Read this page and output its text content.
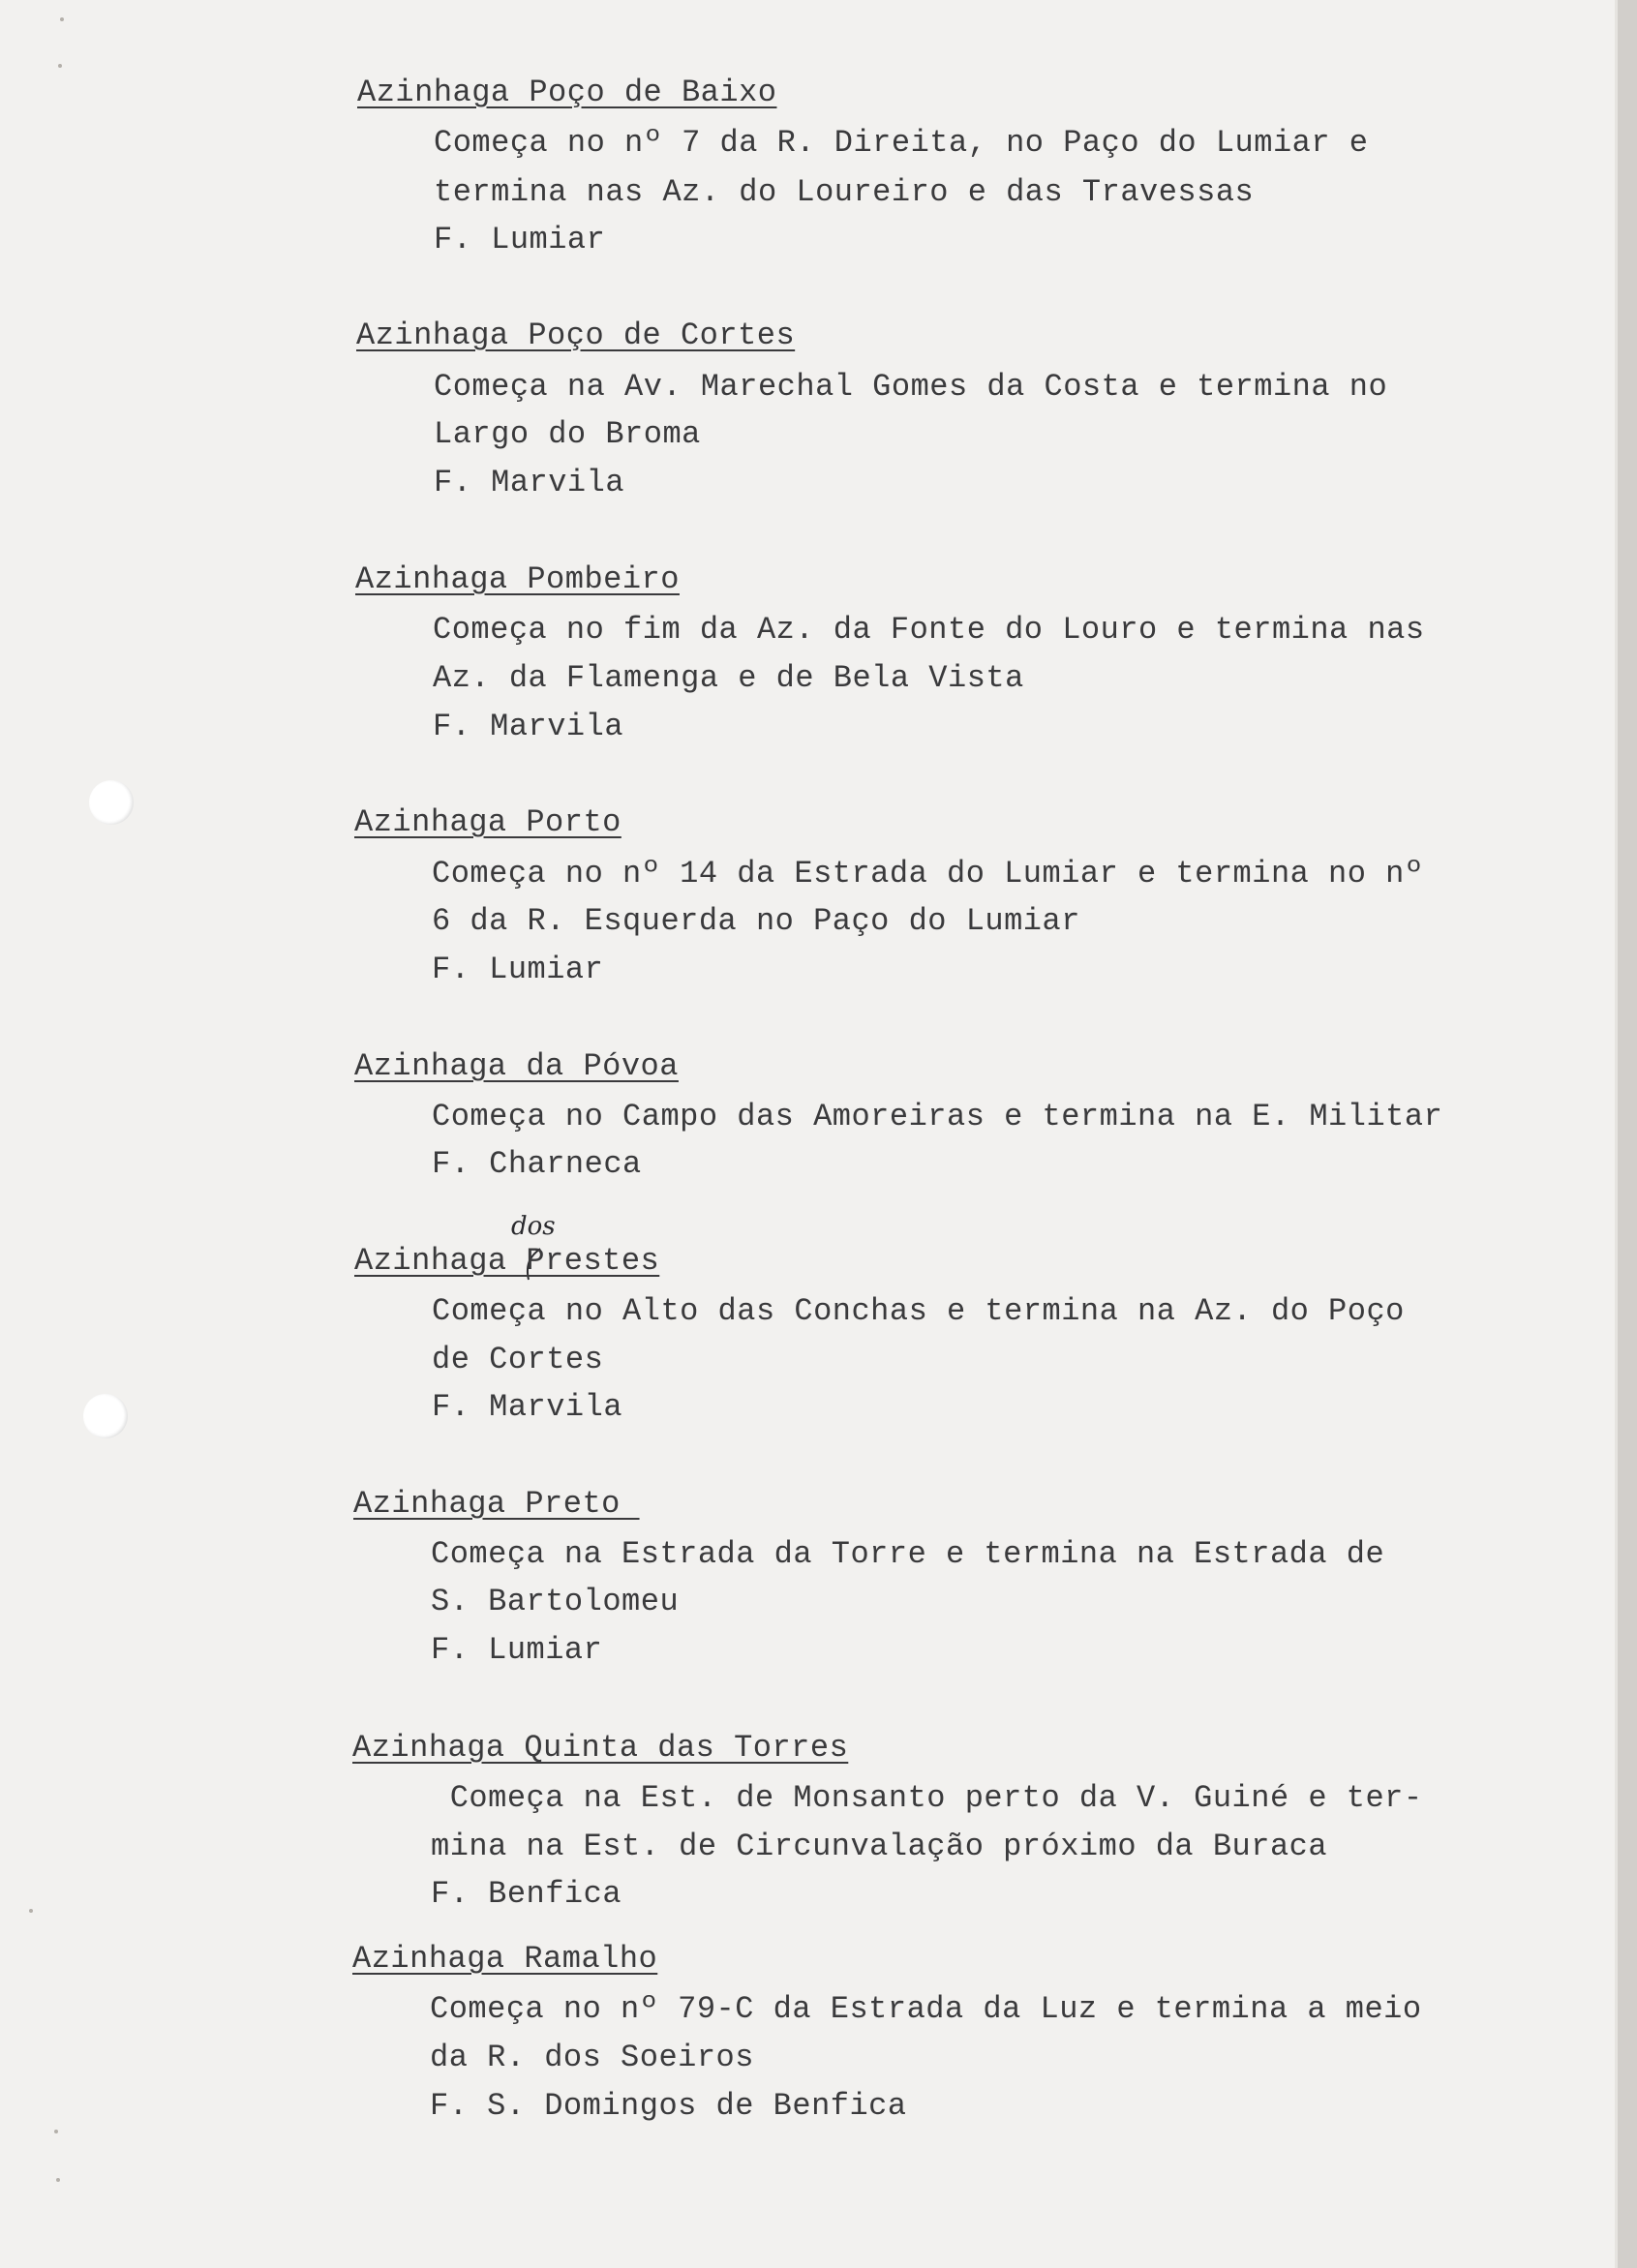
Azinhaga Poço de Baixo

Começa no nº 7 da R. Direita, no Paço do Lumiar e

termina nas Az. do Loureiro e das Travessas

F. Lumiar

Azinhaga Poço de Cortes

Começa na Av. Marechal Gomes da Costa e termina no

Largo do Broma

F. Marvila

Azinhaga Pombeiro

Começa no fim da Az. da Fonte do Louro e termina nas

Az. da Flamenga e de Bela Vista

F. Marvila

Azinhaga Porto

Começa no nº 14 da Estrada do Lumiar e termina no nº

6 da R. Esquerda no Paço do Lumiar

F. Lumiar

Azinhaga da Póvoa

Começa no Campo das Amoreiras e termina na E. Militar

F. Charneca

dos

Azinhaga Prestes

Começa no Alto das Conchas e termina na Az. do Poço

de Cortes

F. Marvila

Azinhaga Preto

Começa na Estrada da Torre e termina na Estrada de

S. Bartolomeu

F. Lumiar

Azinhaga Quinta das Torres

Começa na Est. de Monsanto perto da V. Guiné e ter-

mina na Est. de Circunvalação próximo da Buraca

F. Benfica

Azinhaga Ramalho

Começa no nº 79-C da Estrada da Luz e termina a meio

da R. dos Soeiros

F. S. Domingos de Benfica
